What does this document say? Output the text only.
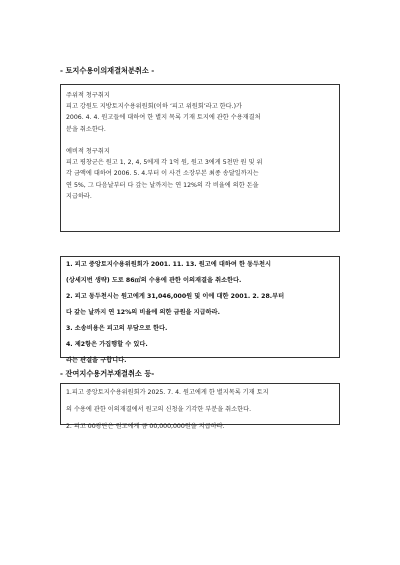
- 토지수용이의재결처분취소 -

주위적 청구취지

피고 강원도 지방토지수용위원회(이하 ‘피고 위원회’라고 한다.)가

2006. 4. 4. 원고들에 대하여 한 별지 목록 기재 토지에 관한 수용재결처

분을 취소한다.

예비적 청구취지

피고 평창군은 원고 1, 2, 4, 5에게 각 1억 원, 원고 3에게 5천만 원 및 위

각 금액에 대하여 2006. 5. 4.부터 이 사건 소장부본 최종 송달일까지는

연 5%, 그 다음날부터 다 갚는 날까지는 연 12%의 각 비율에 의한 돈을

지급하라.

1. 피고 중앙토지수용위원회가 2001. 11. 13. 원고에 대하여 한 동두천시

(상세지번 생략) 도로 86㎡의 수용에 관한 이의재결을 취소한다.

2. 피고 동두천시는 원고에게 31,046,000원 및 이에 대한 2001. 2. 28.부터

다 갚는 날까지 연 12%의 비율에 의한 금원을 지급하라.

3. 소송비용은 피고의 부담으로 한다.

4. 제2항은 가집행할 수 있다.

라는 판결을 구합니다.

- 잔여지수용거부재결취소 등-

1.피고 중앙토지수용위원회가 2025. 7. 4. 원고에게 한 별지목록 기재 토지

의 수용에 관한 이의재결에서 원고의 신청을 기각한 부분을 취소한다.

2. 피고 00광단은 원고에게 금 00,000,000원을 지급하라.
